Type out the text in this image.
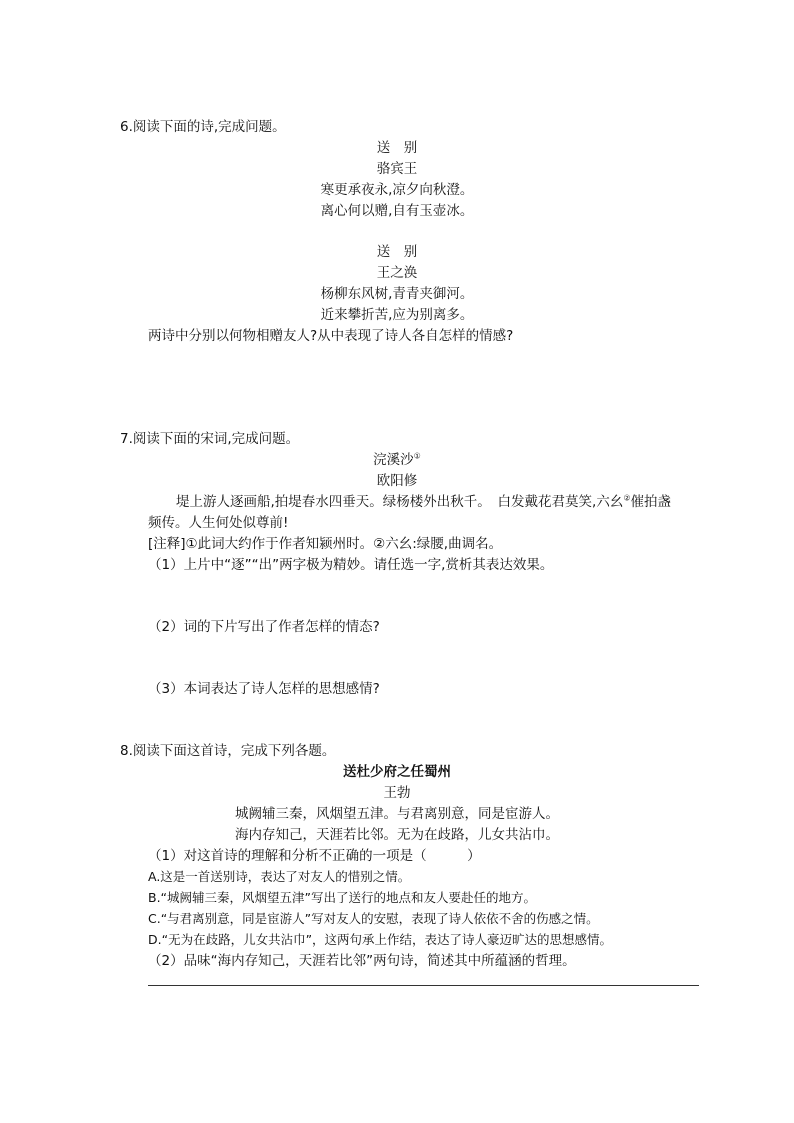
6.阅读下面的诗,完成问题。
送　别
骆宾王
寒更承夜永,凉夕向秋澄。
离心何以赠,自有玉壶冰。
送　别
王之涣
杨柳东风树,青青夹御河。
近来攀折苦,应为别离多。
两诗中分别以何物相赠友人?从中表现了诗人各自怎样的情感?
7.阅读下面的宋词,完成问题。
浣溪沙①
欧阳修
堤上游人逐画船,拍堤春水四垂天。绿杨楼外出秋千。　白发戴花君莫笑,六幺②催拍盏
频传。人生何处似尊前!
[注释]①此词大约作于作者知颍州时。②六幺:绿腰,曲调名。
（1）上片中“逐”“出”两字极为精妙。请任选一字,赏析其表达效果。
（2）词的下片写出了作者怎样的情态?
（3）本词表达了诗人怎样的思想感情?
8.阅读下面这首诗，完成下列各题。
送杜少府之任蜀州
王勃
城阙辅三秦，风烟望五津。与君离别意，同是宦游人。
海内存知己，天涯若比邻。无为在歧路，儿女共沾巾。
（1）对这首诗的理解和分析不正确的一项是（　　　）
A.这是一首送别诗，表达了对友人的惜别之情。
B.“城阙辅三秦，风烟望五津”写出了送行的地点和友人要赴任的地方。
C.“与君离别意，同是宦游人”写对友人的安慰，表现了诗人依依不舍的伤感之情。
D.“无为在歧路，儿女共沾巾”，这两句承上作结，表达了诗人豪迈旷达的思想感情。
（2）品味“海内存知己，天涯若比邻”两句诗，简述其中所蕴涵的哲理。
